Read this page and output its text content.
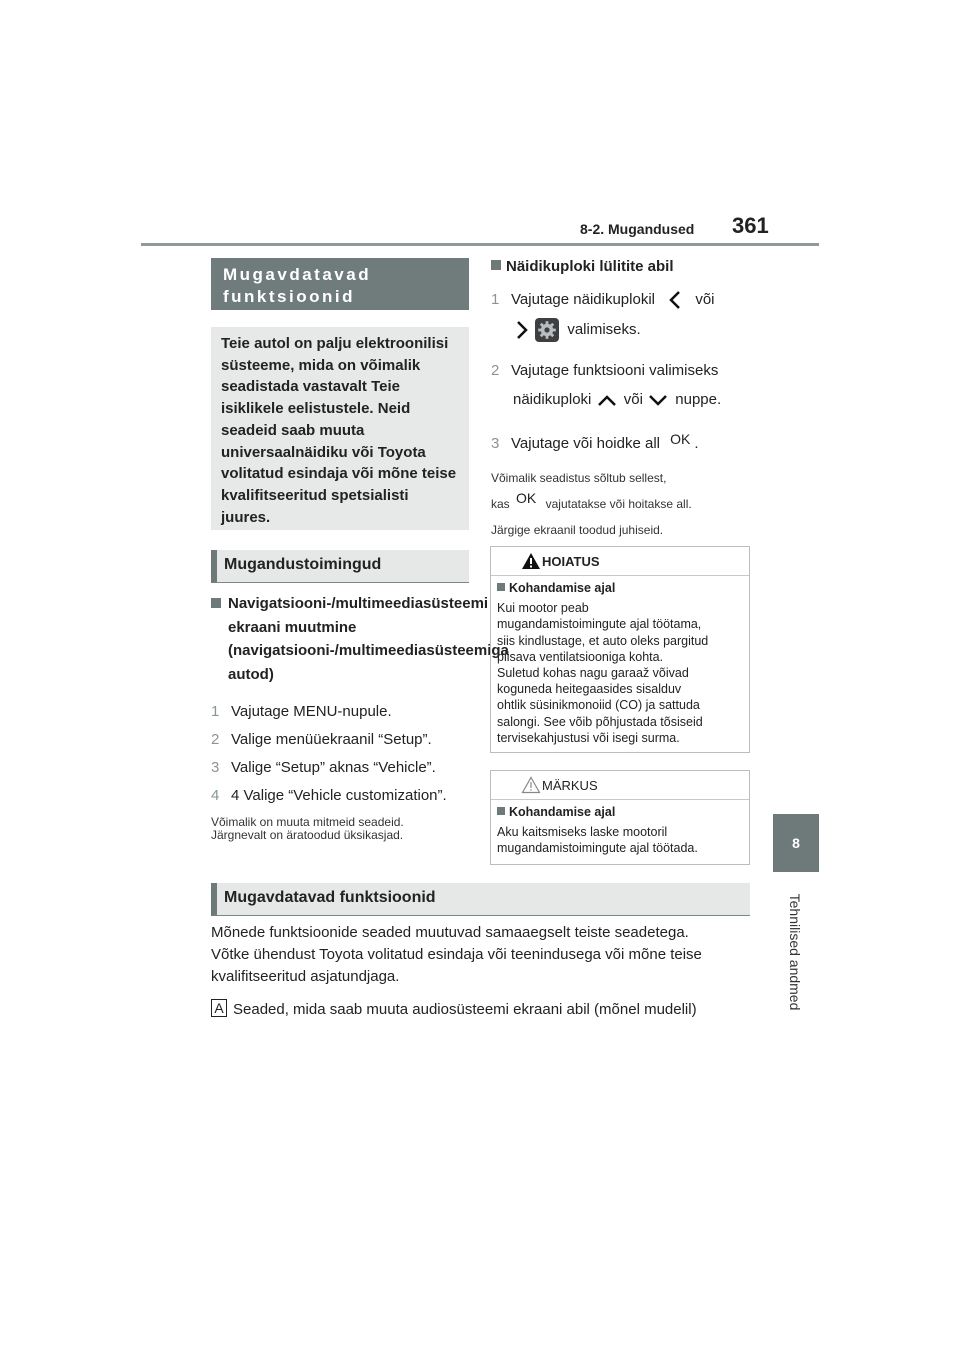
8-2. Mugandused 361
8
Tehnilised andmed
Mugavdatavad funktsioonid
Teie autol on palju elektroonilisi süsteeme, mida on võimalik seadistada vastavalt Teie isiklikele eelistustele. Neid seadeid saab muuta universaalnäidiku või Toyota volitatud esindaja või mõne teise kvalifitseeritud spetsialisti juures.
Mugandustoimingud
Navigatsiooni-/multimeediasüsteemi ekraani muutmine (navigatsiooni-/multimeediasüsteemiga autod)
1 Vajutage MENU-nupule.
2 Valige menüüekraanil “Setup”.
3 Valige “Setup” aknas “Vehicle”.
4 4 Valige “Vehicle customization”.
Võimalik on muuta mitmeid seadeid. Järgnevalt on äratoodud üksikasjad.
Näidikuploki lülitite abil
1 Vajutage näidikuplokil	või

valimiseks.
2 Vajutage funktsiooni valimiseks
näidikuploki või nuppe.
3 Vajutage või hoidke all OK .
Võimalik seadistus sõltub sellest,
kas OK vajutatakse või hoitakse all.
Järgige ekraanil toodud juhiseid.
HOIATUS
Kohandamise ajal
Kui mootor peab
mugandamistoimingute ajal töötama,
siis kindlustage, et auto oleks pargitud
piisava ventilatsiooniga kohta.
Suletud kohas nagu garaaž võivad
koguneda heitegaasides sisalduv
ohtlik süsinikmonoiid (CO) ja sattuda
salongi. See võib põhjustada tõsiseid
tervisekahjustusi või isegi surma.
MÄRKUS
Kohandamise ajal
Aku kaitsmiseks laske mootoril
mugandamistoimingute ajal töötada.
Mugavdatavad funktsioonid
Mõnede funktsioonide seaded muutuvad samaaegselt teiste seadetega.
Võtke ühendust Toyota volitatud esindaja või teenindusega või mõne teise
kvalifitseeritud asjatundjaga.
A Seaded, mida saab muuta audiosüsteemi ekraani abil (mõnel mudelil)
